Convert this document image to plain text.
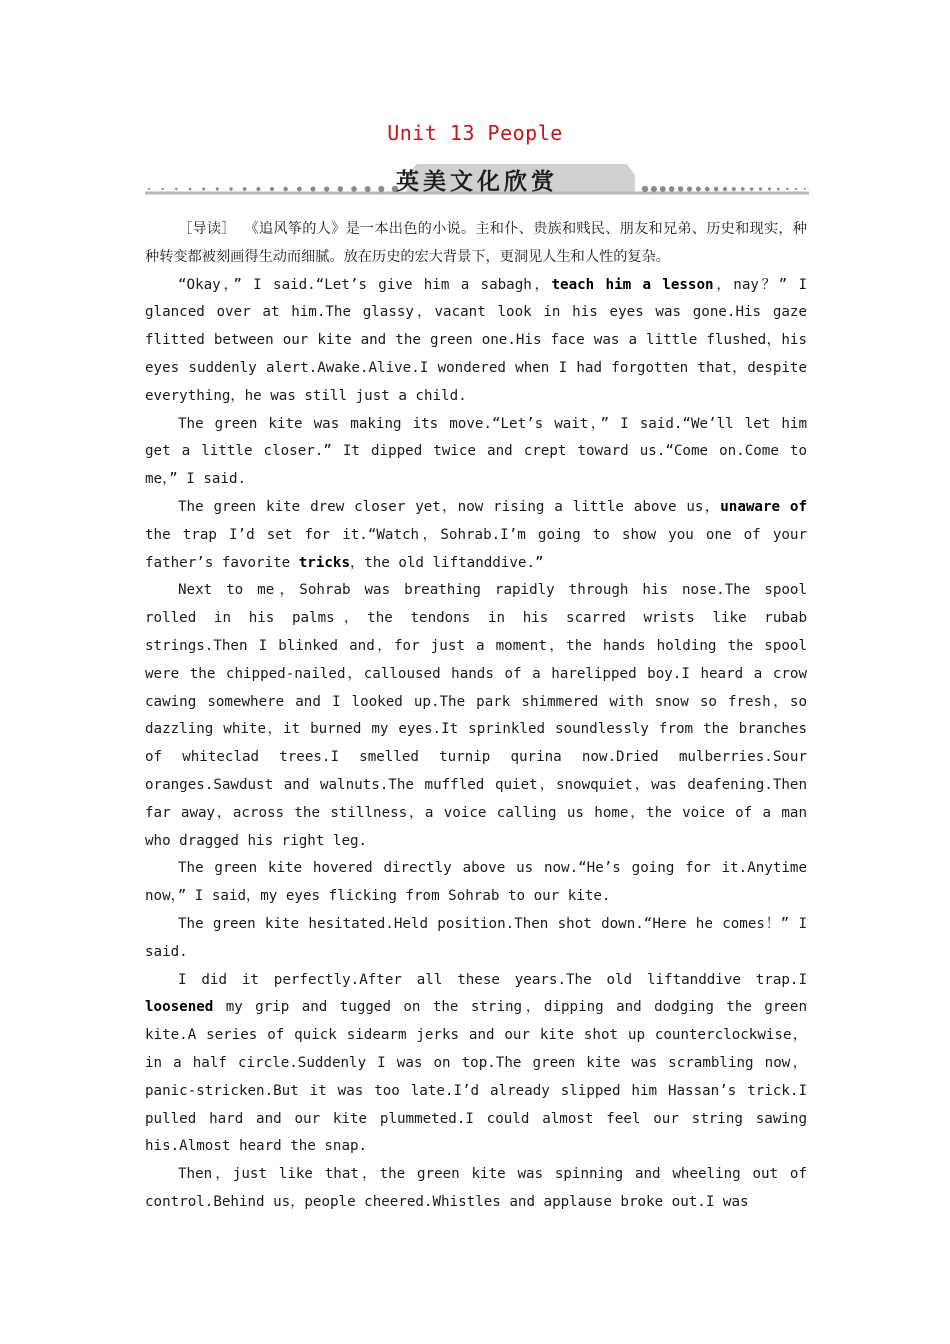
Unit 13 People
英美文化欣赏

［导读］ 《追风筝的人》是一本出色的小说。主和仆、贵族和贱民、朋友和兄弟、历史和现实，种种转变都被刻画得生动而细腻。放在历史的宏大背景下，更洞见人生和人性的复杂。

“Okay，” I said.“Let’s give him a sabagh，teach him a lesson，nay？” I glanced over at him.The glassy，vacant look in his eyes was gone.His gaze flitted between our kite and the green one.His face was a little flushed，his eyes suddenly alert.Awake.Alive.I wondered when I had forgotten that，despite everything，he was still just a child.

The green kite was making its move.“Let’s wait，” I said.“We’ll let him get a little closer.” It dipped twice and crept toward us.“Come on.Come to me，” I said.

The green kite drew closer yet，now rising a little above us，unaware of the trap I’d set for it.“Watch，Sohrab.I’m going to show you one of your father’s favorite tricks，the old liftanddive.”

Next to me，Sohrab was breathing rapidly through his nose.The spool rolled in his palms，the tendons in his scarred wrists like rubab strings.Then I blinked and，for just a moment，the hands holding the spool were the chipped-nailed，calloused hands of a harelipped boy.I heard a crow cawing somewhere and I looked up.The park shimmered with snow so fresh，so dazzling white，it burned my eyes.It sprinkled soundlessly from the branches of whiteclad trees.I smelled turnip qurina now.Dried mulberries.Sour oranges.Sawdust and walnuts.The muffled quiet，snowquiet，was deafening.Then far away，across the stillness，a voice calling us home，the voice of a man who dragged his right leg.

The green kite hovered directly above us now.“He’s going for it.Anytime now，” I said，my eyes flicking from Sohrab to our kite.

The green kite hesitated.Held position.Then shot down.“Here he comes！” I said.

I did it perfectly.After all these years.The old liftanddive trap.I loosened my grip and tugged on the string，dipping and dodging the green kite.A series of quick sidearm jerks and our kite shot up counterclockwise，in a half circle.Suddenly I was on top.The green kite was scrambling now，panic-stricken.But it was too late.I’d already slipped him Hassan’s trick.I pulled hard and our kite plummeted.I could almost feel our string sawing his.Almost heard the snap.

Then，just like that，the green kite was spinning and wheeling out of control.Behind us，people cheered.Whistles and applause broke out.I was
